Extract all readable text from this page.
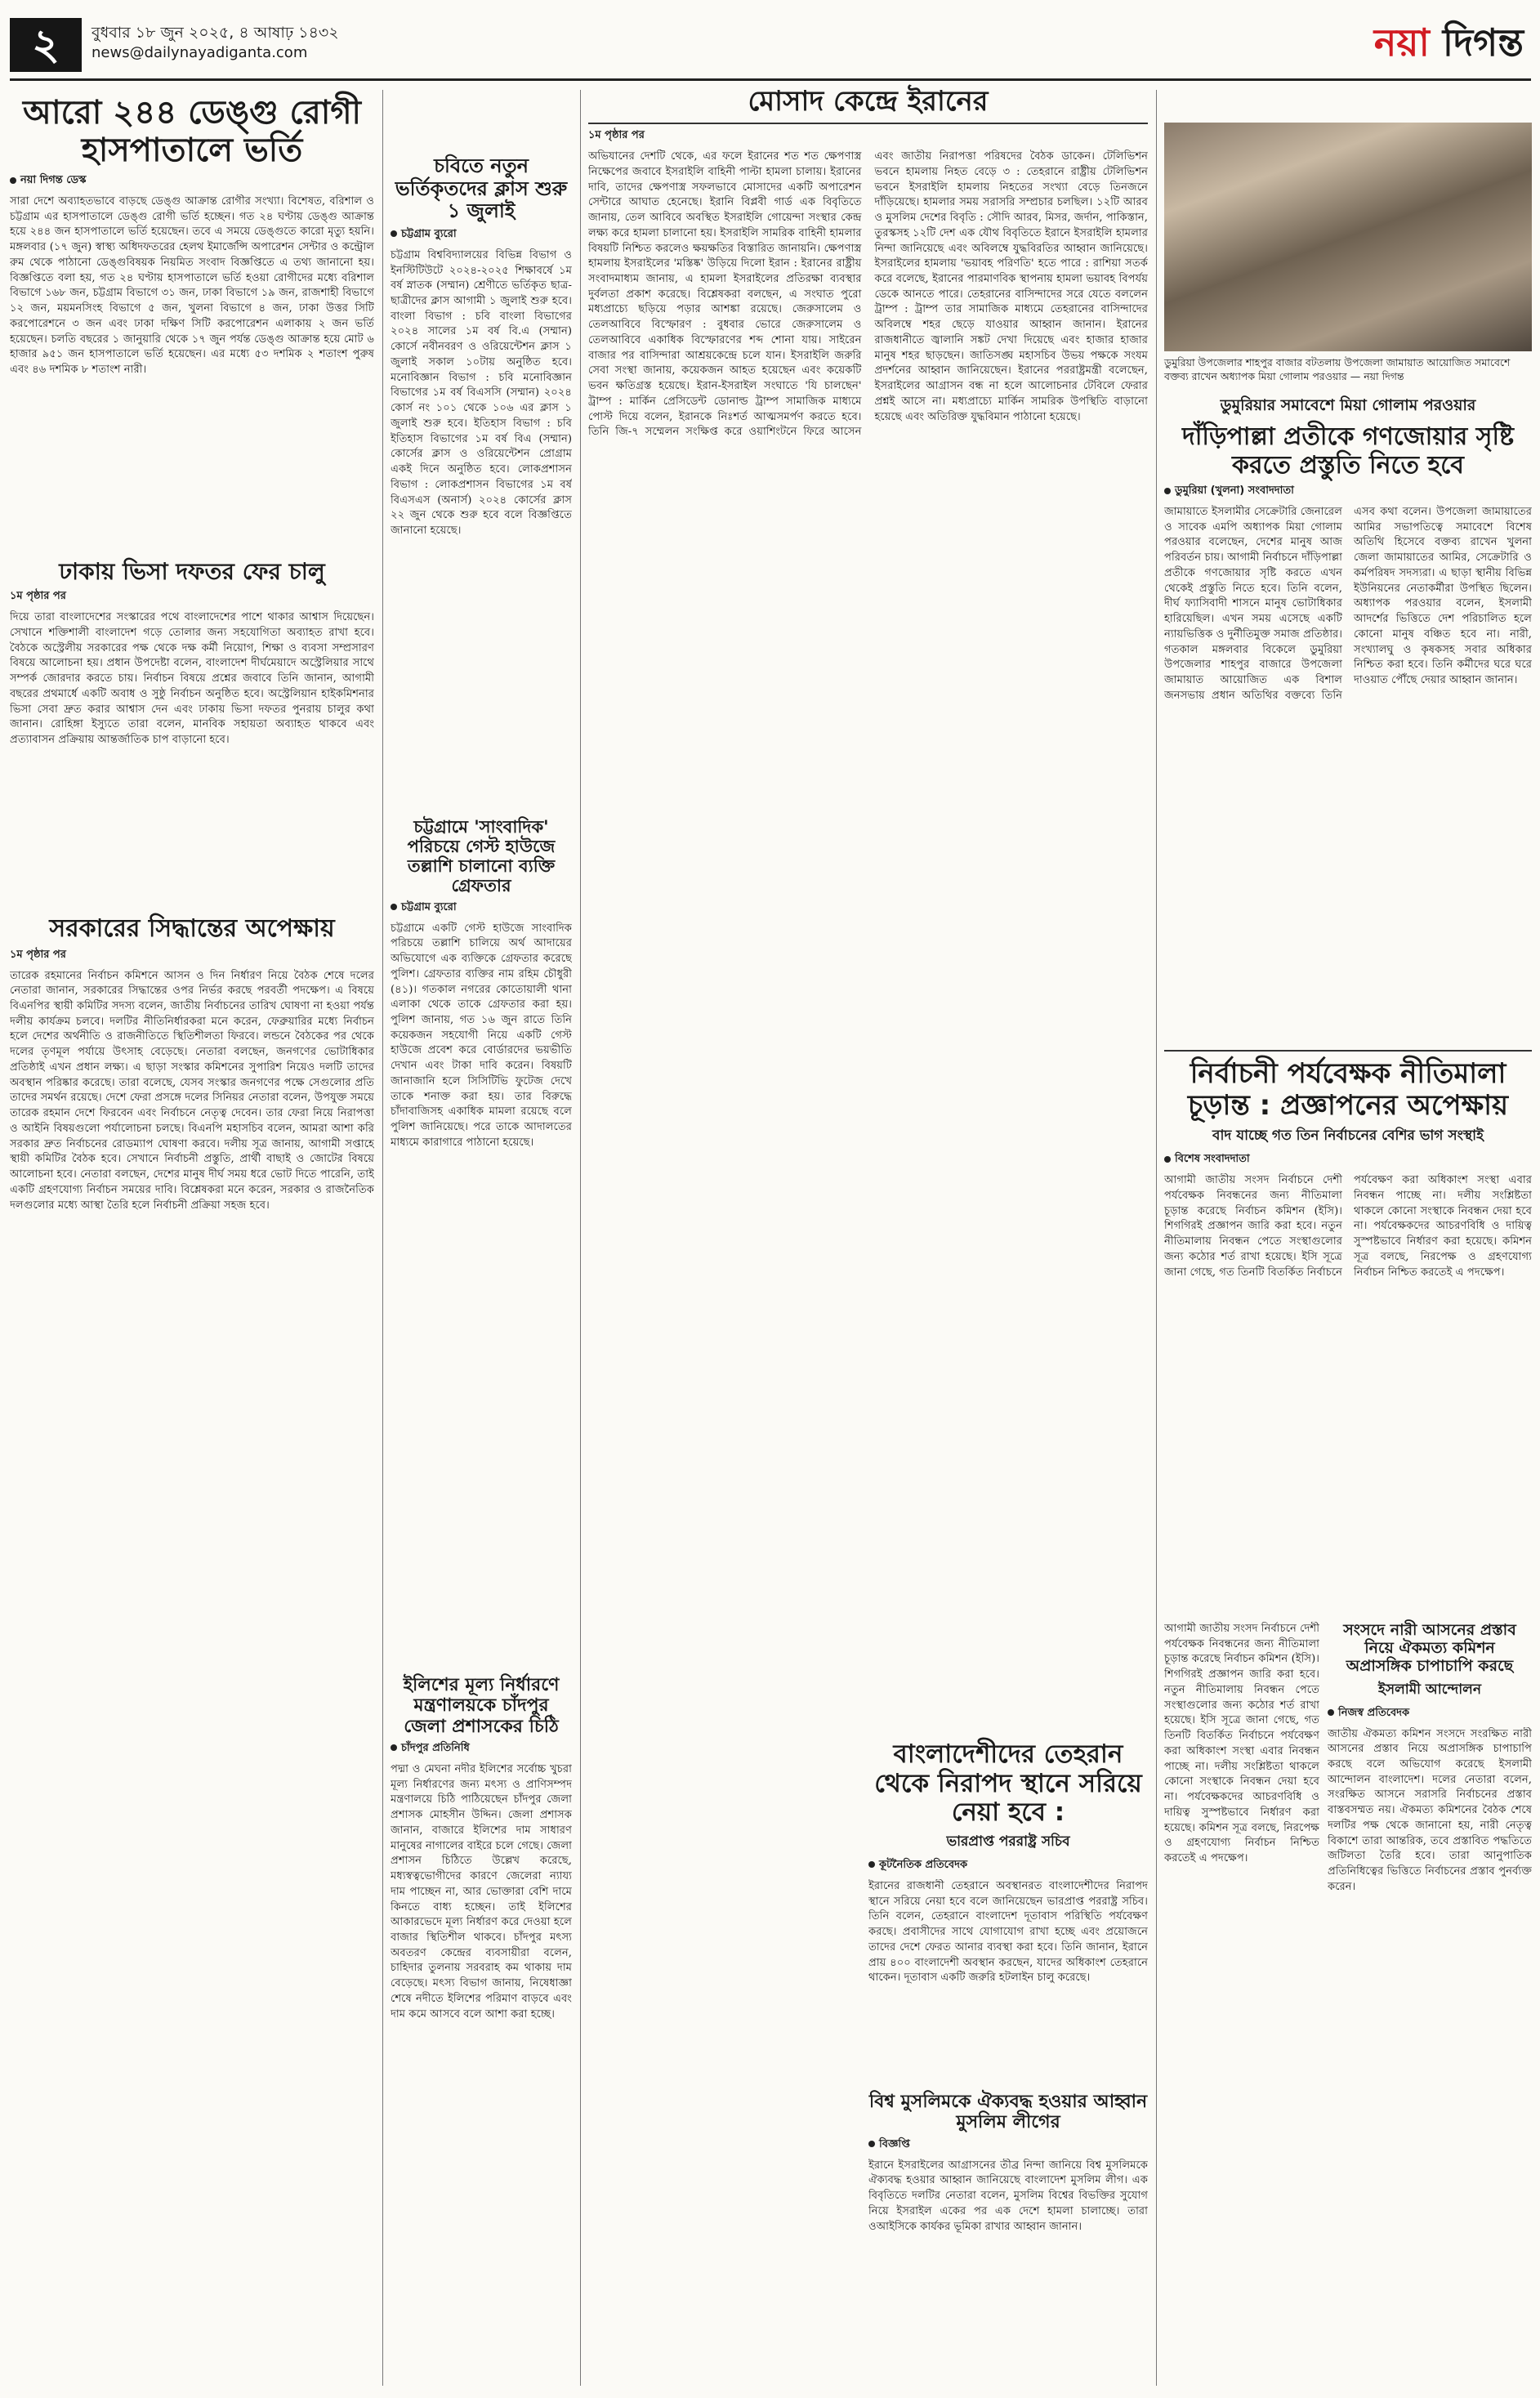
২	বুধবার ১৮ জুন ২০২৫, ৪ আষাঢ় ১৪৩২
news@dailynayadiganta.com	নয়া দিগন্ত
আরো ২৪৪ ডেঙ্গু রোগী হাসপাতালে ভর্তি
নয়া দিগন্ত ডেস্ক
সারা দেশে অব্যাহতভাবে বাড়ছে ডেঙ্গু আক্রান্ত রোগীর সংখ্যা। বিশেষত, বরিশাল ও চট্টগ্রাম এর হাসপাতালে ডেঙ্গু রোগী ভর্তি হচ্ছেন। গত ২৪ ঘণ্টায় ডেঙ্গু আক্রান্ত হয়ে ২৪৪ জন হাসপাতালে ভর্তি হয়েছেন। তবে এ সময়ে ডেঙ্গুতে কারো মৃত্যু হয়নি। মঙ্গলবার (১৭ জুন) স্বাস্থ্য অধিদফতরের হেলথ ইমার্জেন্সি অপারেশন সেন্টার ও কন্ট্রোল রুম থেকে পাঠানো ডেঙ্গুবিষয়ক নিয়মিত সংবাদ বিজ্ঞপ্তিতে এ তথ্য জানানো হয়। বিজ্ঞপ্তিতে বলা হয়, গত ২৪ ঘণ্টায় হাসপাতালে ভর্তি হওয়া রোগীদের মধ্যে বরিশাল বিভাগে ১৬৮ জন, চট্টগ্রাম বিভাগে ৩১ জন, ঢাকা বিভাগে ১৯ জন, রাজশাহী বিভাগে ১২ জন, ময়মনসিংহ বিভাগে ৫ জন, খুলনা বিভাগে ৪ জন, ঢাকা উত্তর সিটি করপোরেশনে ৩ জন এবং ঢাকা দক্ষিণ সিটি করপোরেশন এলাকায় ২ জন ভর্তি হয়েছেন। চলতি বছরের ১ জানুয়ারি থেকে ১৭ জুন পর্যন্ত ডেঙ্গু আক্রান্ত হয়ে মোট ৬ হাজার ৯৫১ জন হাসপাতালে ভর্তি হয়েছেন। এর মধ্যে ৫৩ দশমিক ২ শতাংশ পুরুষ এবং ৪৬ দশমিক ৮ শতাংশ নারী।
ঢাকায় ভিসা দফতর ফের চালু
১ম পৃষ্ঠার পর
দিয়ে তারা বাংলাদেশের সংস্কারের পথে বাংলাদেশের পাশে থাকার আশ্বাস দিয়েছেন। সেখানে শক্তিশালী বাংলাদেশ গড়ে তোলার জন্য সহযোগিতা অব্যাহত রাখা হবে। বৈঠকে অস্ট্রেলীয় সরকারের পক্ষ থেকে দক্ষ কর্মী নিয়োগ, শিক্ষা ও ব্যবসা সম্প্রসারণ বিষয়ে আলোচনা হয়। প্রধান উপদেষ্টা বলেন, বাংলাদেশ দীর্ঘমেয়াদে অস্ট্রেলিয়ার সাথে সম্পর্ক জোরদার করতে চায়। নির্বাচন বিষয়ে প্রশ্নের জবাবে তিনি জানান, আগামী বছরের প্রথমার্ধে একটি অবাধ ও সুষ্ঠু নির্বাচন অনুষ্ঠিত হবে। অস্ট্রেলিয়ান হাইকমিশনার ভিসা সেবা দ্রুত করার আশ্বাস দেন এবং ঢাকায় ভিসা দফতর পুনরায় চালুর কথা জানান। রোহিঙ্গা ইস্যুতে তারা বলেন, মানবিক সহায়তা অব্যাহত থাকবে এবং প্রত্যাবাসন প্রক্রিয়ায় আন্তর্জাতিক চাপ বাড়ানো হবে।
সরকারের সিদ্ধান্তের অপেক্ষায়
১ম পৃষ্ঠার পর
তারেক রহমানের নির্বাচন কমিশনে আসন ও দিন নির্ধারণ নিয়ে বৈঠক শেষে দলের নেতারা জানান, সরকারের সিদ্ধান্তের ওপর নির্ভর করছে পরবর্তী পদক্ষেপ। এ বিষয়ে বিএনপির স্থায়ী কমিটির সদস্য বলেন, জাতীয় নির্বাচনের তারিখ ঘোষণা না হওয়া পর্যন্ত দলীয় কার্যক্রম চলবে। দলটির নীতিনির্ধারকরা মনে করেন, ফেব্রুয়ারির মধ্যে নির্বাচন হলে দেশের অর্থনীতি ও রাজনীতিতে স্থিতিশীলতা ফিরবে। লন্ডনে বৈঠকের পর থেকে দলের তৃণমূল পর্যায়ে উৎসাহ বেড়েছে। নেতারা বলছেন, জনগণের ভোটাধিকার প্রতিষ্ঠাই এখন প্রধান লক্ষ্য। এ ছাড়া সংস্কার কমিশনের সুপারিশ নিয়েও দলটি তাদের অবস্থান পরিষ্কার করেছে। তারা বলেছে, যেসব সংস্কার জনগণের পক্ষে সেগুলোর প্রতি তাদের সমর্থন রয়েছে। দেশে ফেরা প্রসঙ্গে দলের সিনিয়র নেতারা বলেন, উপযুক্ত সময়ে তারেক রহমান দেশে ফিরবেন এবং নির্বাচনে নেতৃত্ব দেবেন। তার ফেরা নিয়ে নিরাপত্তা ও আইনি বিষয়গুলো পর্যালোচনা চলছে। বিএনপি মহাসচিব বলেন, আমরা আশা করি সরকার দ্রুত নির্বাচনের রোডম্যাপ ঘোষণা করবে। দলীয় সূত্র জানায়, আগামী সপ্তাহে স্থায়ী কমিটির বৈঠক হবে। সেখানে নির্বাচনী প্রস্তুতি, প্রার্থী বাছাই ও জোটের বিষয়ে আলোচনা হবে। নেতারা বলছেন, দেশের মানুষ দীর্ঘ সময় ধরে ভোট দিতে পারেনি, তাই একটি গ্রহণযোগ্য নির্বাচন সময়ের দাবি। বিশ্লেষকরা মনে করেন, সরকার ও রাজনৈতিক দলগুলোর মধ্যে আস্থা তৈরি হলে নির্বাচনী প্রক্রিয়া সহজ হবে।
চবিতে নতুন ভর্তিকৃতদের ক্লাস শুরু ১ জুলাই
চট্টগ্রাম ব্যুরো
চট্টগ্রাম বিশ্ববিদ্যালয়ের বিভিন্ন বিভাগ ও ইনস্টিটিউটে ২০২৪-২০২৫ শিক্ষাবর্ষে ১ম বর্ষ স্নাতক (সম্মান) শ্রেণীতে ভর্তিকৃত ছাত্র-ছাত্রীদের ক্লাস আগামী ১ জুলাই শুরু হবে। বাংলা বিভাগ : চবি বাংলা বিভাগের ২০২৪ সালের ১ম বর্ষ বি.এ (সম্মান) কোর্সে নবীনবরণ ও ওরিয়েন্টেশন ক্লাস ১ জুলাই সকাল ১০টায় অনুষ্ঠিত হবে। মনোবিজ্ঞান বিভাগ : চবি মনোবিজ্ঞান বিভাগের ১ম বর্ষ বিএসসি (সম্মান) ২০২৪ কোর্স নং ১০১ থেকে ১০৬ এর ক্লাস ১ জুলাই শুরু হবে। ইতিহাস বিভাগ : চবি ইতিহাস বিভাগের ১ম বর্ষ বিএ (সম্মান) কোর্সের ক্লাস ও ওরিয়েন্টেশন প্রোগ্রাম একই দিনে অনুষ্ঠিত হবে। লোকপ্রশাসন বিভাগ : লোকপ্রশাসন বিভাগের ১ম বর্ষ বিএসএস (অনার্স) ২০২৪ কোর্সের ক্লাস ২২ জুন থেকে শুরু হবে বলে বিজ্ঞপ্তিতে জানানো হয়েছে।
চট্টগ্রামে 'সাংবাদিক' পরিচয়ে গেস্ট হাউজে তল্লাশি চালানো ব্যক্তি গ্রেফতার
চট্টগ্রাম ব্যুরো
চট্টগ্রামে একটি গেস্ট হাউজে সাংবাদিক পরিচয়ে তল্লাশি চালিয়ে অর্থ আদায়ের অভিযোগে এক ব্যক্তিকে গ্রেফতার করেছে পুলিশ। গ্রেফতার ব্যক্তির নাম রহিম চৌধুরী (৪১)। গতকাল নগরের কোতোয়ালী থানা এলাকা থেকে তাকে গ্রেফতার করা হয়। পুলিশ জানায়, গত ১৬ জুন রাতে তিনি কয়েকজন সহযোগী নিয়ে একটি গেস্ট হাউজে প্রবেশ করে বোর্ডারদের ভয়ভীতি দেখান এবং টাকা দাবি করেন। বিষয়টি জানাজানি হলে সিসিটিভি ফুটেজ দেখে তাকে শনাক্ত করা হয়। তার বিরুদ্ধে চাঁদাবাজিসহ একাধিক মামলা রয়েছে বলে পুলিশ জানিয়েছে। পরে তাকে আদালতের মাধ্যমে কারাগারে পাঠানো হয়েছে।
ইলিশের মূল্য নির্ধারণে মন্ত্রণালয়কে চাঁদপুর জেলা প্রশাসকের চিঠি
চাঁদপুর প্রতিনিধি
পদ্মা ও মেঘনা নদীর ইলিশের সর্বোচ্চ খুচরা মূল্য নির্ধারণের জন্য মৎস্য ও প্রাণিসম্পদ মন্ত্রণালয়ে চিঠি পাঠিয়েছেন চাঁদপুর জেলা প্রশাসক মোহসীন উদ্দিন। জেলা প্রশাসক জানান, বাজারে ইলিশের দাম সাধারণ মানুষের নাগালের বাইরে চলে গেছে। জেলা প্রশাসন চিঠিতে উল্লেখ করেছে, মধ্যস্বত্বভোগীদের কারণে জেলেরা ন্যায্য দাম পাচ্ছেন না, আর ভোক্তারা বেশি দামে কিনতে বাধ্য হচ্ছেন। তাই ইলিশের আকারভেদে মূল্য নির্ধারণ করে দেওয়া হলে বাজার স্থিতিশীল থাকবে। চাঁদপুর মৎস্য অবতরণ কেন্দ্রের ব্যবসায়ীরা বলেন, চাহিদার তুলনায় সরবরাহ কম থাকায় দাম বেড়েছে। মৎস্য বিভাগ জানায়, নিষেধাজ্ঞা শেষে নদীতে ইলিশের পরিমাণ বাড়বে এবং দাম কমে আসবে বলে আশা করা হচ্ছে।
মোসাদ কেন্দ্রে ইরানের
১ম পৃষ্ঠার পর
অভিযানের দেশটি থেকে, এর ফলে ইরানের শত শত ক্ষেপণাস্ত্র নিক্ষেপের জবাবে ইসরাইলি বাহিনী পাল্টা হামলা চালায়। ইরানের দাবি, তাদের ক্ষেপণাস্ত্র সফলভাবে মোসাদের একটি অপারেশন সেন্টারে আঘাত হেনেছে। ইরানি বিপ্লবী গার্ড এক বিবৃতিতে জানায়, তেল আবিবে অবস্থিত ইসরাইলি গোয়েন্দা সংস্থার কেন্দ্র লক্ষ্য করে হামলা চালানো হয়। ইসরাইলি সামরিক বাহিনী হামলার বিষয়টি নিশ্চিত করলেও ক্ষয়ক্ষতির বিস্তারিত জানায়নি। ক্ষেপণাস্ত্র হামলায় ইসরাইলের 'মস্তিষ্ক' উড়িয়ে দিলো ইরান : ইরানের রাষ্ট্রীয় সংবাদমাধ্যম জানায়, এ হামলা ইসরাইলের প্রতিরক্ষা ব্যবস্থার দুর্বলতা প্রকাশ করেছে। বিশ্লেষকরা বলছেন, এ সংঘাত পুরো মধ্যপ্রাচ্যে ছড়িয়ে পড়ার আশঙ্কা রয়েছে। জেরুসালেম ও তেলআবিবে বিস্ফোরণ : বুধবার ভোরে জেরুসালেম ও তেলআবিবে একাধিক বিস্ফোরণের শব্দ শোনা যায়। সাইরেন বাজার পর বাসিন্দারা আশ্রয়কেন্দ্রে চলে যান। ইসরাইলি জরুরি সেবা সংস্থা জানায়, কয়েকজন আহত হয়েছেন এবং কয়েকটি ভবন ক্ষতিগ্রস্ত হয়েছে। ইরান-ইসরাইল সংঘাতে 'যি চালছেন' ট্রাম্প : মার্কিন প্রেসিডেন্ট ডোনাল্ড ট্রাম্প সামাজিক মাধ্যমে পোস্ট দিয়ে বলেন, ইরানকে নিঃশর্ত আত্মসমর্পণ করতে হবে। তিনি জি-৭ সম্মেলন সংক্ষিপ্ত করে ওয়াশিংটনে ফিরে আসেন এবং জাতীয় নিরাপত্তা পরিষদের বৈঠক ডাকেন। টেলিভিশন ভবনে হামলায় নিহত বেড়ে ৩ : তেহরানে রাষ্ট্রীয় টেলিভিশন ভবনে ইসরাইলি হামলায় নিহতের সংখ্যা বেড়ে তিনজনে দাঁড়িয়েছে। হামলার সময় সরাসরি সম্প্রচার চলছিল। ১২টি আরব ও মুসলিম দেশের বিবৃতি : সৌদি আরব, মিসর, জর্দান, পাকিস্তান, তুরস্কসহ ১২টি দেশ এক যৌথ বিবৃতিতে ইরানে ইসরাইলি হামলার নিন্দা জানিয়েছে এবং অবিলম্বে যুদ্ধবিরতির আহ্বান জানিয়েছে। ইসরাইলের হামলায় 'ভয়াবহ পরিণতি' হতে পারে : রাশিয়া সতর্ক করে বলেছে, ইরানের পারমাণবিক স্থাপনায় হামলা ভয়াবহ বিপর্যয় ডেকে আনতে পারে। তেহরানের বাসিন্দাদের সরে যেতে বললেন ট্রাম্প : ট্রাম্প তার সামাজিক মাধ্যমে তেহরানের বাসিন্দাদের অবিলম্বে শহর ছেড়ে যাওয়ার আহ্বান জানান। ইরানের রাজধানীতে জ্বালানি সঙ্কট দেখা দিয়েছে এবং হাজার হাজার মানুষ শহর ছাড়ছেন। জাতিসঙ্ঘ মহাসচিব উভয় পক্ষকে সংযম প্রদর্শনের আহ্বান জানিয়েছেন। ইরানের পররাষ্ট্রমন্ত্রী বলেছেন, ইসরাইলের আগ্রাসন বন্ধ না হলে আলোচনার টেবিলে ফেরার প্রশ্নই আসে না। মধ্যপ্রাচ্যে মার্কিন সামরিক উপস্থিতি বাড়ানো হয়েছে এবং অতিরিক্ত যুদ্ধবিমান পাঠানো হয়েছে।
বাংলাদেশীদের তেহরান থেকে নিরাপদ স্থানে সরিয়ে নেয়া হবে :
ভারপ্রাপ্ত পররাষ্ট্র সচিব
কূটনৈতিক প্রতিবেদক
ইরানের রাজধানী তেহরানে অবস্থানরত বাংলাদেশীদের নিরাপদ স্থানে সরিয়ে নেয়া হবে বলে জানিয়েছেন ভারপ্রাপ্ত পররাষ্ট্র সচিব। তিনি বলেন, তেহরানে বাংলাদেশ দূতাবাস পরিস্থিতি পর্যবেক্ষণ করছে। প্রবাসীদের সাথে যোগাযোগ রাখা হচ্ছে এবং প্রয়োজনে তাদের দেশে ফেরত আনার ব্যবস্থা করা হবে। তিনি জানান, ইরানে প্রায় ৪০০ বাংলাদেশী অবস্থান করছেন, যাদের অধিকাংশ তেহরানে থাকেন। দূতাবাস একটি জরুরি হটলাইন চালু করেছে।
বিশ্ব মুসলিমকে ঐক্যবদ্ধ হওয়ার আহ্বান মুসলিম লীগের
বিজ্ঞপ্তি
ইরানে ইসরাইলের আগ্রাসনের তীব্র নিন্দা জানিয়ে বিশ্ব মুসলিমকে ঐক্যবদ্ধ হওয়ার আহ্বান জানিয়েছে বাংলাদেশ মুসলিম লীগ। এক বিবৃতিতে দলটির নেতারা বলেন, মুসলিম বিশ্বের বিভক্তির সুযোগ নিয়ে ইসরাইল একের পর এক দেশে হামলা চালাচ্ছে। তারা ওআইসিকে কার্যকর ভূমিকা রাখার আহ্বান জানান।
ডুমুরিয়া উপজেলার শাহপুর বাজার বটতলায় উপজেলা জামায়াত আয়োজিত সমাবেশে বক্তব্য রাখেন অধ্যাপক মিয়া গোলাম পরওয়ার — নয়া দিগন্ত
ডুমুরিয়ার সমাবেশে মিয়া গোলাম পরওয়ার
দাঁড়িপাল্লা প্রতীকে গণজোয়ার সৃষ্টি করতে প্রস্তুতি নিতে হবে
ডুমুরিয়া (খুলনা) সংবাদদাতা
জামায়াতে ইসলামীর সেক্রেটারি জেনারেল ও সাবেক এমপি অধ্যাপক মিয়া গোলাম পরওয়ার বলেছেন, দেশের মানুষ আজ পরিবর্তন চায়। আগামী নির্বাচনে দাঁড়িপাল্লা প্রতীকে গণজোয়ার সৃষ্টি করতে এখন থেকেই প্রস্তুতি নিতে হবে। তিনি বলেন, দীর্ঘ ফ্যাসিবাদী শাসনে মানুষ ভোটাধিকার হারিয়েছিল। এখন সময় এসেছে একটি ন্যায়ভিত্তিক ও দুর্নীতিমুক্ত সমাজ প্রতিষ্ঠার। গতকাল মঙ্গলবার বিকেলে ডুমুরিয়া উপজেলার শাহপুর বাজারে উপজেলা জামায়াত আয়োজিত এক বিশাল জনসভায় প্রধান অতিথির বক্তব্যে তিনি এসব কথা বলেন। উপজেলা জামায়াতের আমির সভাপতিত্বে সমাবেশে বিশেষ অতিথি হিসেবে বক্তব্য রাখেন খুলনা জেলা জামায়াতের আমির, সেক্রেটারি ও কর্মপরিষদ সদস্যরা। এ ছাড়া স্থানীয় বিভিন্ন ইউনিয়নের নেতাকর্মীরা উপস্থিত ছিলেন। অধ্যাপক পরওয়ার বলেন, ইসলামী আদর্শের ভিত্তিতে দেশ পরিচালিত হলে কোনো মানুষ বঞ্চিত হবে না। নারী, সংখ্যালঘু ও কৃষকসহ সবার অধিকার নিশ্চিত করা হবে। তিনি কর্মীদের ঘরে ঘরে দাওয়াত পৌঁছে দেয়ার আহ্বান জানান।
নির্বাচনী পর্যবেক্ষক নীতিমালা
চূড়ান্ত : প্রজ্ঞাপনের অপেক্ষায়
বাদ যাচ্ছে গত তিন নির্বাচনের বেশির ভাগ সংস্থাই
বিশেষ সংবাদদাতা
আগামী জাতীয় সংসদ নির্বাচনে দেশী পর্যবেক্ষক নিবন্ধনের জন্য নীতিমালা চূড়ান্ত করেছে নির্বাচন কমিশন (ইসি)। শিগগিরই প্রজ্ঞাপন জারি করা হবে। নতুন নীতিমালায় নিবন্ধন পেতে সংস্থাগুলোর জন্য কঠোর শর্ত রাখা হয়েছে। ইসি সূত্রে জানা গেছে, গত তিনটি বিতর্কিত নির্বাচনে পর্যবেক্ষণ করা অধিকাংশ সংস্থা এবার নিবন্ধন পাচ্ছে না। দলীয় সংশ্লিষ্টতা থাকলে কোনো সংস্থাকে নিবন্ধন দেয়া হবে না। পর্যবেক্ষকদের আচরণবিধি ও দায়িত্ব সুস্পষ্টভাবে নির্ধারণ করা হয়েছে। কমিশন সূত্র বলছে, নিরপেক্ষ ও গ্রহণযোগ্য নির্বাচন নিশ্চিত করতেই এ পদক্ষেপ।
সংসদে নারী আসনের প্রস্তাব
নিয়ে ঐকমত্য কমিশন
অপ্রাসঙ্গিক চাপাচাপি করছে
ইসলামী আন্দোলন
নিজস্ব প্রতিবেদক
জাতীয় ঐকমত্য কমিশন সংসদে সংরক্ষিত নারী আসনের প্রস্তাব নিয়ে অপ্রাসঙ্গিক চাপাচাপি করছে বলে অভিযোগ করেছে ইসলামী আন্দোলন বাংলাদেশ। দলের নেতারা বলেন, সংরক্ষিত আসনে সরাসরি নির্বাচনের প্রস্তাব বাস্তবসম্মত নয়। ঐকমত্য কমিশনের বৈঠক শেষে দলটির পক্ষ থেকে জানানো হয়, নারী নেতৃত্ব বিকাশে তারা আন্তরিক, তবে প্রস্তাবিত পদ্ধতিতে জটিলতা তৈরি হবে। তারা আনুপাতিক প্রতিনিধিত্বের ভিত্তিতে নির্বাচনের প্রস্তাব পুনর্ব্যক্ত করেন।
আগামী জাতীয় সংসদ নির্বাচনে দেশী পর্যবেক্ষক নিবন্ধনের জন্য নীতিমালা চূড়ান্ত করেছে নির্বাচন কমিশন (ইসি)। শিগগিরই প্রজ্ঞাপন জারি করা হবে। নতুন নীতিমালায় নিবন্ধন পেতে সংস্থাগুলোর জন্য কঠোর শর্ত রাখা হয়েছে। ইসি সূত্রে জানা গেছে, গত তিনটি বিতর্কিত নির্বাচনে পর্যবেক্ষণ করা অধিকাংশ সংস্থা এবার নিবন্ধন পাচ্ছে না। দলীয় সংশ্লিষ্টতা থাকলে কোনো সংস্থাকে নিবন্ধন দেয়া হবে না। পর্যবেক্ষকদের আচরণবিধি ও দায়িত্ব সুস্পষ্টভাবে নির্ধারণ করা হয়েছে। কমিশন সূত্র বলছে, নিরপেক্ষ ও গ্রহণযোগ্য নির্বাচন নিশ্চিত করতেই এ পদক্ষেপ।
